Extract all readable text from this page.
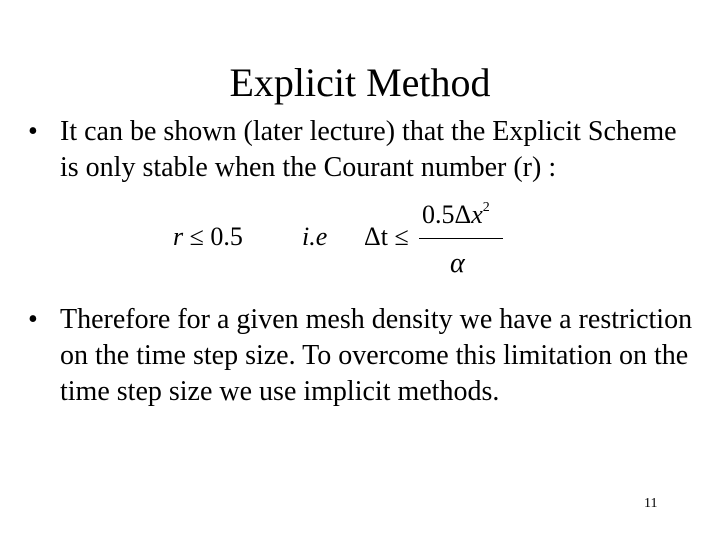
Explicit Method
• It can be shown (later lecture) that the Explicit Scheme is only stable when the Courant number (r) :
r ≤ 0.5 i.e Δt ≤
$0.5\Delta x^2$
α
• Therefore for a given mesh density we have a restriction on the time step size. To overcome this limitation on the time step size we use implicit methods.
11
